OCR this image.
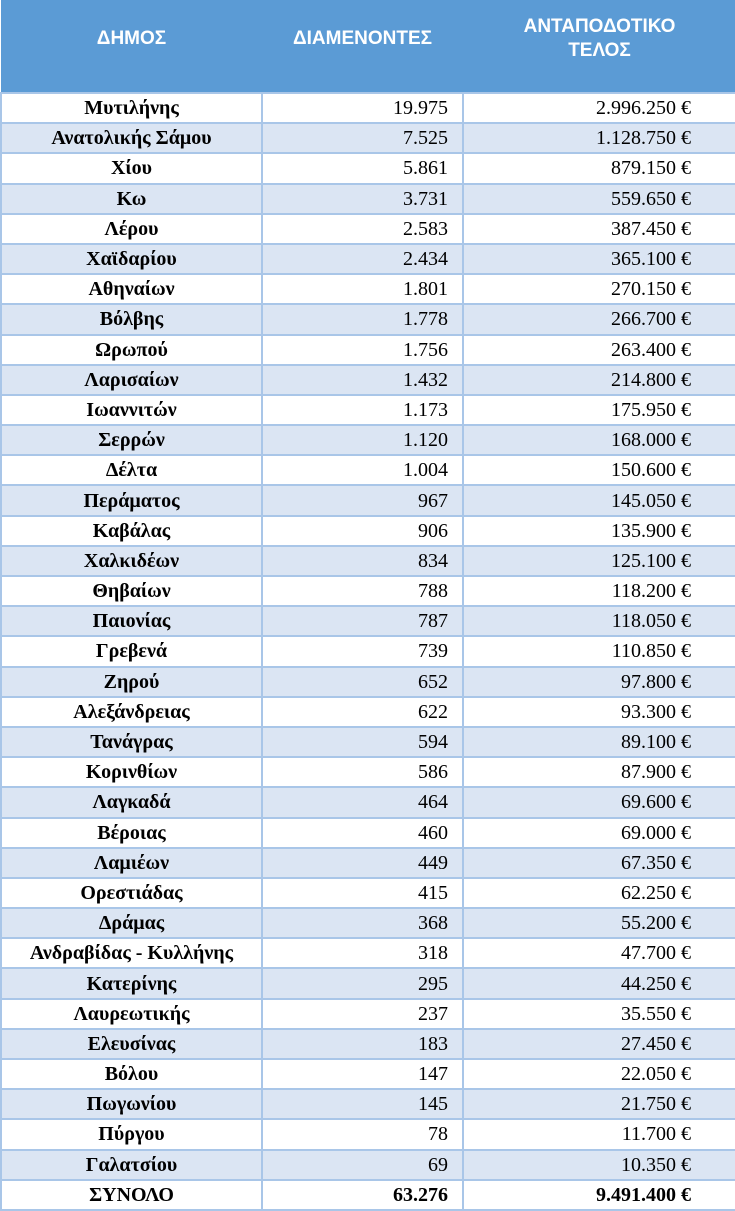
ΔΗΜΟΣ	ΔΙΑΜΕΝΟΝΤΕΣ	ΑΝΤΑΠΟΔΟΤΙΚΟ
ΤΕΛΟΣ
Μυτιλήνης	19.975	2.996.250 €
Ανατολικής Σάμου	7.525	1.128.750 €
Χίου	5.861	879.150 €
Κω	3.731	559.650 €
Λέρου	2.583	387.450 €
Χαϊδαρίου	2.434	365.100 €
Αθηναίων	1.801	270.150 €
Βόλβης	1.778	266.700 €
Ωρωπού	1.756	263.400 €
Λαρισαίων	1.432	214.800 €
Ιωαννιτών	1.173	175.950 €
Σερρών	1.120	168.000 €
Δέλτα	1.004	150.600 €
Περάματος	967	145.050 €
Καβάλας	906	135.900 €
Χαλκιδέων	834	125.100 €
Θηβαίων	788	118.200 €
Παιονίας	787	118.050 €
Γρεβενά	739	110.850 €
Ζηρού	652	97.800 €
Αλεξάνδρειας	622	93.300 €
Τανάγρας	594	89.100 €
Κορινθίων	586	87.900 €
Λαγκαδά	464	69.600 €
Βέροιας	460	69.000 €
Λαμιέων	449	67.350 €
Ορεστιάδας	415	62.250 €
Δράμας	368	55.200 €
Ανδραβίδας - Κυλλήνης	318	47.700 €
Κατερίνης	295	44.250 €
Λαυρεωτικής	237	35.550 €
Ελευσίνας	183	27.450 €
Βόλου	147	22.050 €
Πωγωνίου	145	21.750 €
Πύργου	78	11.700 €
Γαλατσίου	69	10.350 €
ΣΥΝΟΛΟ	63.276	9.491.400 €
